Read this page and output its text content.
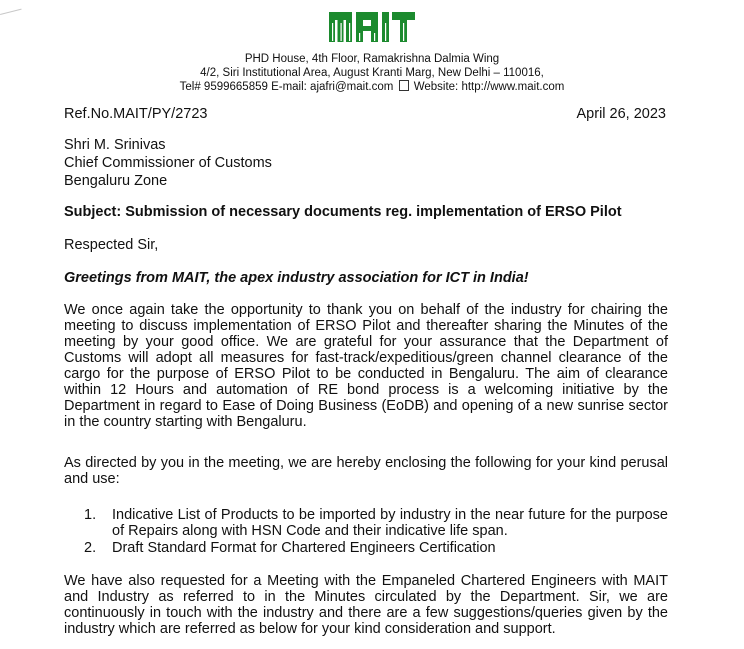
PHD House, 4th Floor, Ramakrishna Dalmia Wing
4/2, Siri Institutional Area, August Kranti Marg, New Delhi – 110016,
Tel# 9599665859 E-mail: ajafri@mait.com Website: http://www.mait.com
Ref.No.MAIT/PY/2723	April 26, 2023
Shri M. Srinivas
Chief Commissioner of Customs
Bengaluru Zone
Subject: Submission of necessary documents reg. implementation of ERSO Pilot
Respected Sir,
Greetings from MAIT, the apex industry association for ICT in India!
We once again take the opportunity to thank you on behalf of the industry for chairing the meeting to discuss implementation of ERSO Pilot and thereafter sharing the Minutes of the meeting by your good office. We are grateful for your assurance that the Department of Customs will adopt all measures for fast-track/expeditious/green channel clearance of the cargo for the purpose of ERSO Pilot to be conducted in Bengaluru. The aim of clearance within 12 Hours and automation of RE bond process is a welcoming initiative by the Department in regard to Ease of Doing Business (EoDB) and opening of a new sunrise sector in the country starting with Bengaluru.
As directed by you in the meeting, we are hereby enclosing the following for your kind perusal and use:
1. Indicative List of Products to be imported by industry in the near future for the purpose of Repairs along with HSN Code and their indicative life span.
2. Draft Standard Format for Chartered Engineers Certification
We have also requested for a Meeting with the Empaneled Chartered Engineers with MAIT and Industry as referred to in the Minutes circulated by the Department. Sir, we are continuously in touch with the industry and there are a few suggestions/queries given by the industry which are referred as below for your kind consideration and support.
